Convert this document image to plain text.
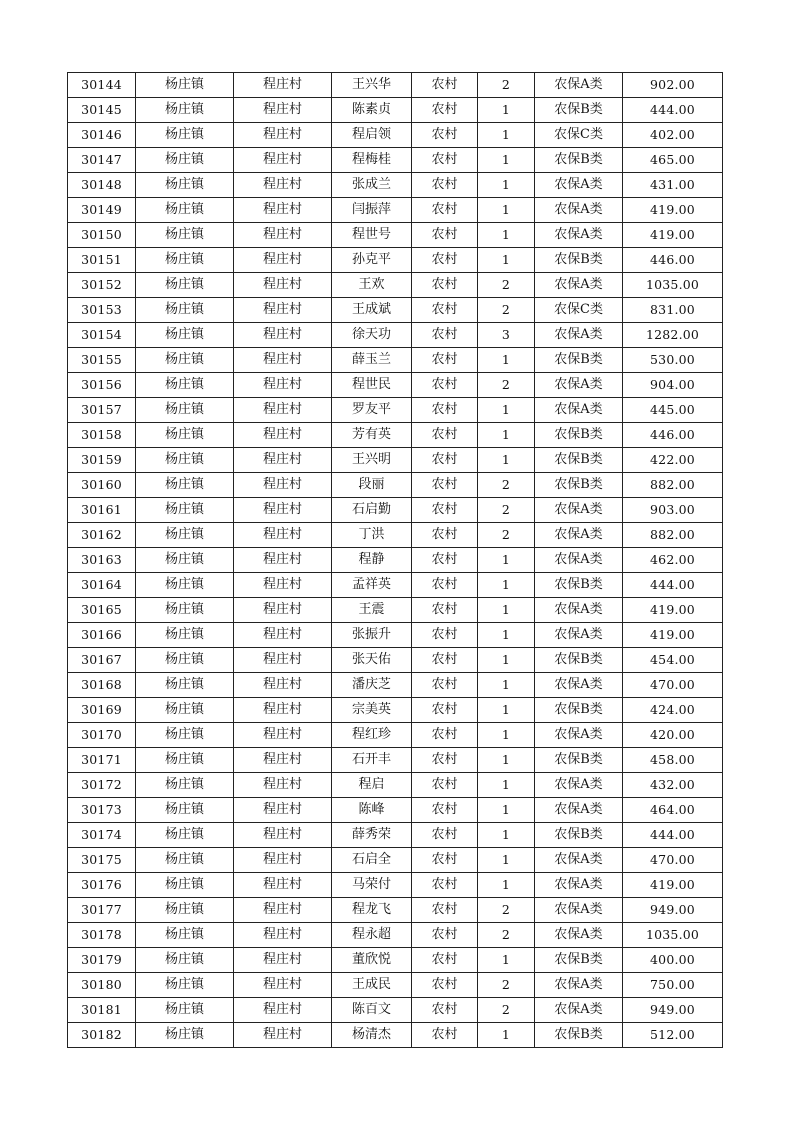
30144	杨庄镇	程庄村	王兴华	农村	2	农保A类	902.00
30145	杨庄镇	程庄村	陈素贞	农村	1	农保B类	444.00
30146	杨庄镇	程庄村	程启领	农村	1	农保C类	402.00
30147	杨庄镇	程庄村	程梅桂	农村	1	农保B类	465.00
30148	杨庄镇	程庄村	张成兰	农村	1	农保A类	431.00
30149	杨庄镇	程庄村	闫振萍	农村	1	农保A类	419.00
30150	杨庄镇	程庄村	程世号	农村	1	农保A类	419.00
30151	杨庄镇	程庄村	孙克平	农村	1	农保B类	446.00
30152	杨庄镇	程庄村	王欢	农村	2	农保A类	1035.00
30153	杨庄镇	程庄村	王成斌	农村	2	农保C类	831.00
30154	杨庄镇	程庄村	徐天功	农村	3	农保A类	1282.00
30155	杨庄镇	程庄村	薛玉兰	农村	1	农保B类	530.00
30156	杨庄镇	程庄村	程世民	农村	2	农保A类	904.00
30157	杨庄镇	程庄村	罗友平	农村	1	农保A类	445.00
30158	杨庄镇	程庄村	芳有英	农村	1	农保B类	446.00
30159	杨庄镇	程庄村	王兴明	农村	1	农保B类	422.00
30160	杨庄镇	程庄村	段丽	农村	2	农保B类	882.00
30161	杨庄镇	程庄村	石启勤	农村	2	农保A类	903.00
30162	杨庄镇	程庄村	丁洪	农村	2	农保A类	882.00
30163	杨庄镇	程庄村	程静	农村	1	农保A类	462.00
30164	杨庄镇	程庄村	孟祥英	农村	1	农保B类	444.00
30165	杨庄镇	程庄村	王震	农村	1	农保A类	419.00
30166	杨庄镇	程庄村	张振升	农村	1	农保A类	419.00
30167	杨庄镇	程庄村	张天佑	农村	1	农保B类	454.00
30168	杨庄镇	程庄村	潘庆芝	农村	1	农保A类	470.00
30169	杨庄镇	程庄村	宗美英	农村	1	农保B类	424.00
30170	杨庄镇	程庄村	程红珍	农村	1	农保A类	420.00
30171	杨庄镇	程庄村	石开丰	农村	1	农保B类	458.00
30172	杨庄镇	程庄村	程启	农村	1	农保A类	432.00
30173	杨庄镇	程庄村	陈峰	农村	1	农保A类	464.00
30174	杨庄镇	程庄村	薛秀荣	农村	1	农保B类	444.00
30175	杨庄镇	程庄村	石启全	农村	1	农保A类	470.00
30176	杨庄镇	程庄村	马荣付	农村	1	农保A类	419.00
30177	杨庄镇	程庄村	程龙飞	农村	2	农保A类	949.00
30178	杨庄镇	程庄村	程永超	农村	2	农保A类	1035.00
30179	杨庄镇	程庄村	董欣悦	农村	1	农保B类	400.00
30180	杨庄镇	程庄村	王成民	农村	2	农保A类	750.00
30181	杨庄镇	程庄村	陈百文	农村	2	农保A类	949.00
30182	杨庄镇	程庄村	杨清杰	农村	1	农保B类	512.00
